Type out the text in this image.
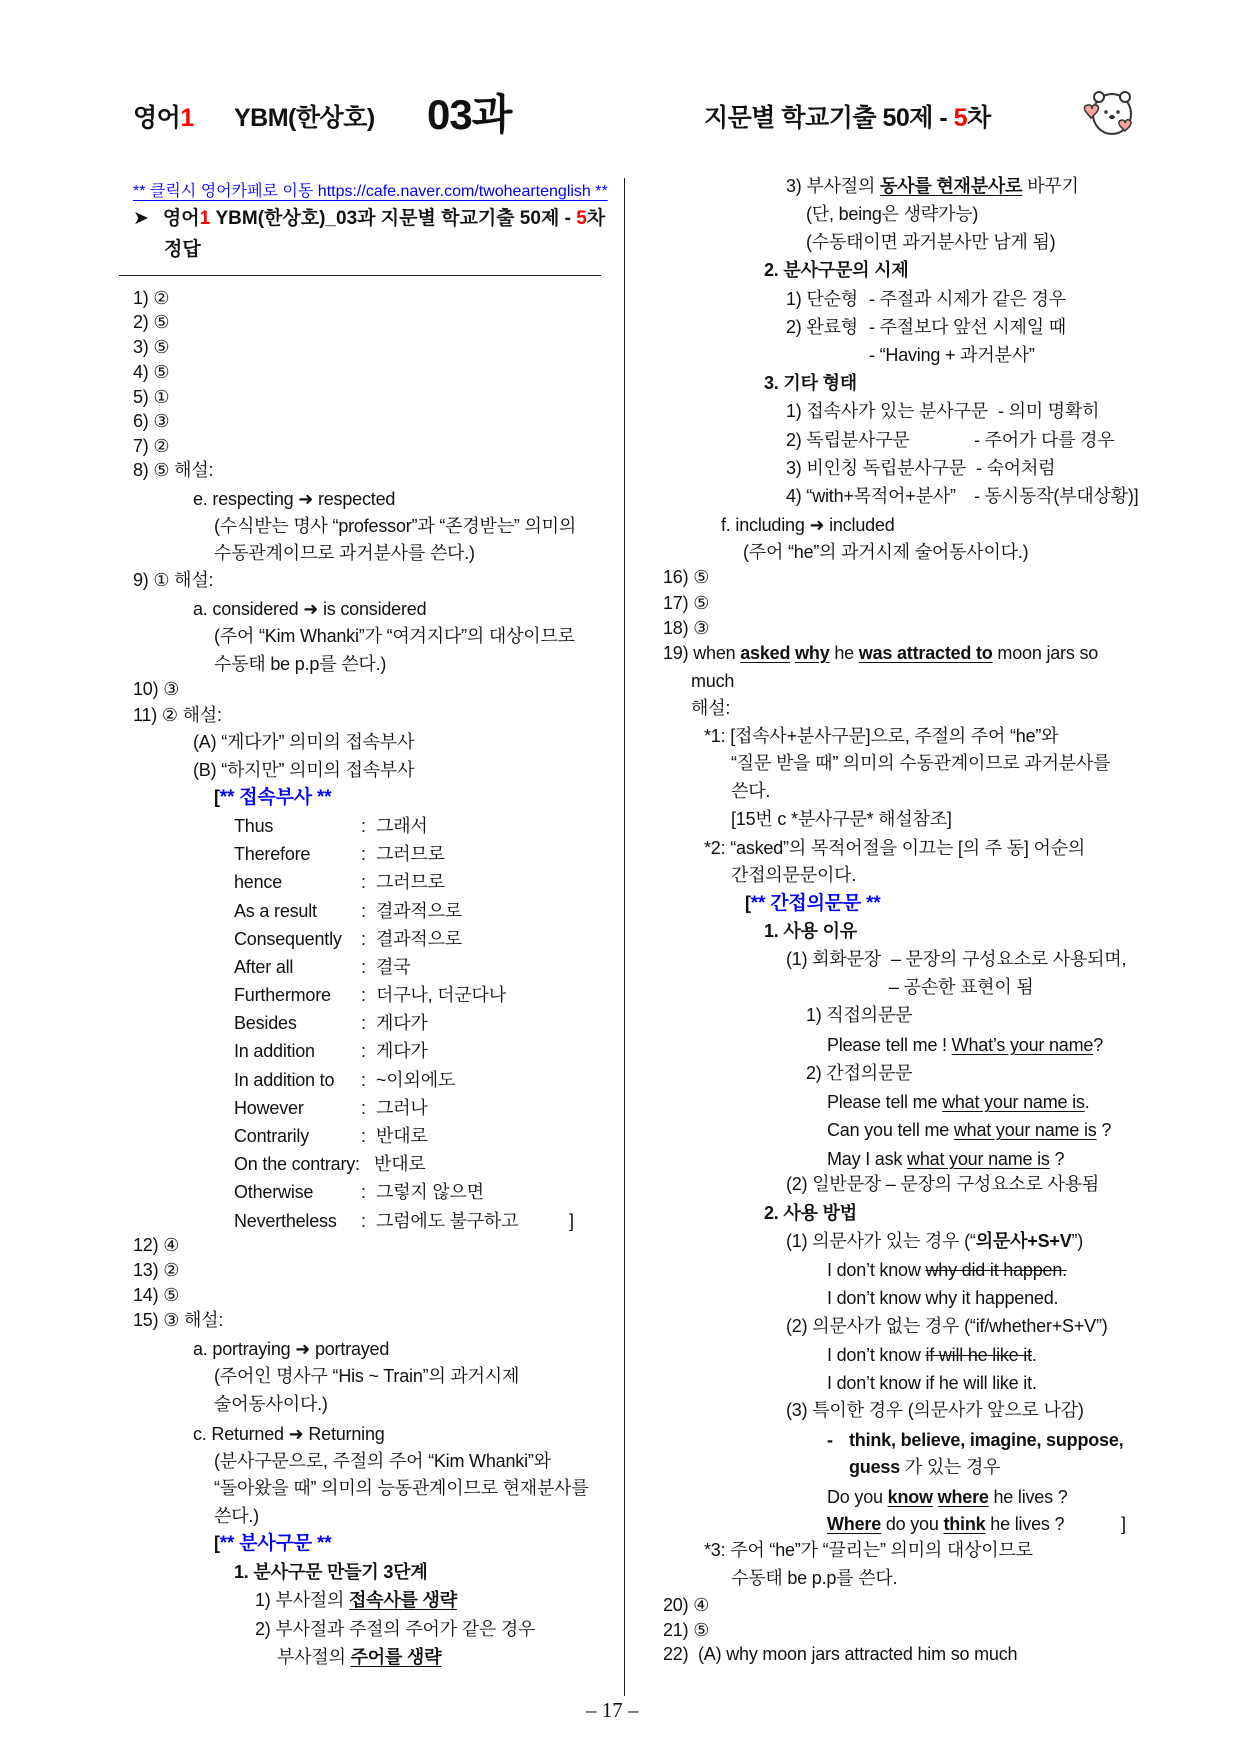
영어1 YBM(한상호) 03과	지문별 학교기출 50제 - 5차
** 클릭시 영어카페로 이동 https://cafe.naver.com/twoheartenglish **
➤ 영어1 YBM(한상호)_03과 지문별 학교기출 50제 - 5차
정답
1) ②
2) ⑤
3) ⑤
4) ⑤
5) ①
6) ③
7) ②
8) ⑤ 해설:
e. respecting ➜ respected
(수식받는 명사 “professor”과 “존경받는” 의미의
수동관계이므로 과거분사를 쓴다.)
9) ① 해설:
a. considered ➜ is considered
(주어 “Kim Whanki”가 “여겨지다”의 대상이므로
수동태 be p.p를 쓴다.)
10) ③
11) ② 해설:
(A) “게다가” 의미의 접속부사
(B) “하지만” 의미의 접속부사
[** 접속부사 **
Thus	: 그래서
Therefore	: 그러므로
hence	: 그러므로
As a result : 결과적으로
Consequently : 결과적으로
After all	: 결국
Furthermore : 더구나, 더군다나
Besides	: 게다가
In addition	: 게다가
In addition to : ~이외에도
However	: 그러나
Contrarily	: 반대로
On the contrary: 반대로
Otherwise	: 그렇지 않으면
Nevertheless : 그럼에도 불구하고	]
12) ④
13) ②
14) ⑤
15) ③ 해설:
a. portraying ➜ portrayed
(주어인 명사구 “His ~ Train”의 과거시제
술어동사이다.)
c. Returned ➜ Returning
(분사구문으로, 주절의 주어 “Kim Whanki”와
“돌아왔을 때” 의미의 능동관계이므로 현재분사를
쓴다.)
[** 분사구문 **
1. 분사구문 만들기 3단계
1) 부사절의 접속사를 생략
2) 부사절과 주절의 주어가 같은 경우
부사절의 주어를 생략
3) 부사절의 동사를 현재분사로 바꾸기
(단, being은 생략가능)
(수동태이면 과거분사만 남게 됨)
2. 분사구문의 시제
1) 단순형 - 주절과 시제가 같은 경우
2) 완료형 - 주절보다 앞선 시제일 때
- “Having + 과거분사”
3. 기타 형태
1) 접속사가 있는 분사구문 - 의미 명확히
2) 독립분사구문	- 주어가 다를 경우
3) 비인칭 독립분사구문 - 숙어처럼
4) “with+목적어+분사” - 동시동작(부대상황)]
f. including ➜ included
(주어 “he”의 과거시제 술어동사이다.)
16) ⑤
17) ⑤
18) ③
19) when asked why he was attracted to moon jars so
much
해설:
*1: [접속사+분사구문]으로, 주절의 주어 “he”와
“질문 받을 때” 의미의 수동관계이므로 과거분사를
쓴다.
[15번 c *분사구문* 해설참조]
*2: “asked”의 목적어절을 이끄는 [의 주 동] 어순의
간접의문문이다.
[** 간접의문문 **
1. 사용 이유
(1) 회화문장 – 문장의 구성요소로 사용되며,
– 공손한 표현이 됨
1) 직접의문문
Please tell me ! What’s your name?
2) 간접의문문
Please tell me what your name is.
Can you tell me what your name is ?
May I ask what your name is ?
(2) 일반문장 – 문장의 구성요소로 사용됨
2. 사용 방법
(1) 의문사가 있는 경우 (“의문사+S+V”)
I don’t know why did it happen.
I don’t know why it happened.
(2) 의문사가 없는 경우 (“if/whether+S+V”)
I don’t know if will he like it.
I don’t know if he will like it.
(3) 특이한 경우 (의문사가 앞으로 나감)
- think, believe, imagine, suppose,
guess 가 있는 경우
Do you know where he lives ?
Where do you think he lives ?	]
*3: 주어 “he”가 “끌리는” 의미의 대상이므로
수동태 be p.p를 쓴다.
20) ④
21) ⑤
22)  (A) why moon jars attracted him so much
– 17 –
